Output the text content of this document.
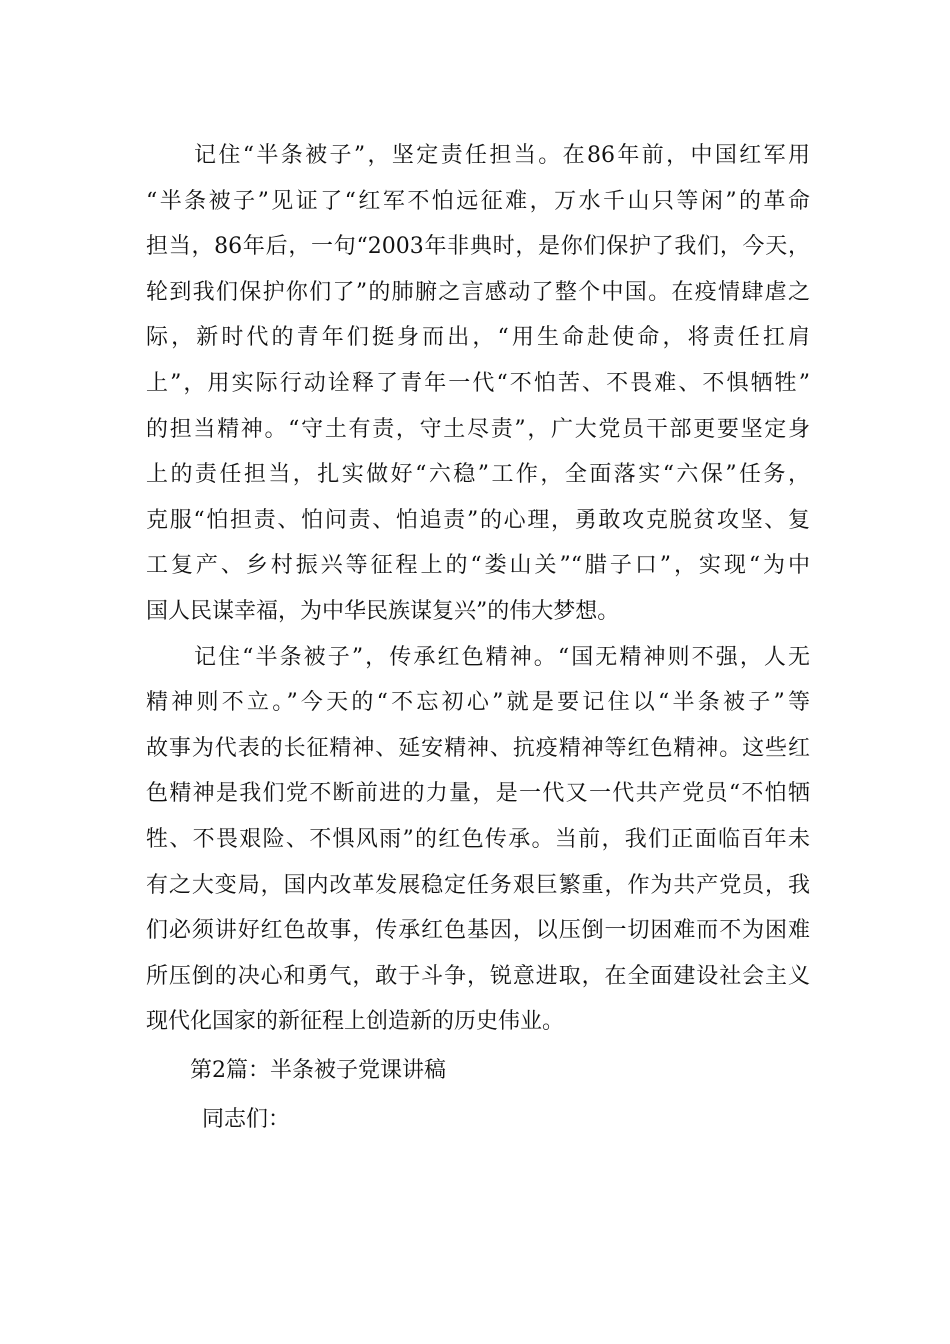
记住“半条被子”，坚定责任担当。在86年前，中国红军用
“半条被子”见证了“红军不怕远征难，万水千山只等闲”的革命
担当，86年后，一句“2003年非典时，是你们保护了我们，今天，
轮到我们保护你们了”的肺腑之言感动了整个中国。在疫情肆虐之
际，新时代的青年们挺身而出，“用生命赴使命，将责任扛肩
上”，用实际行动诠释了青年一代“不怕苦、不畏难、不惧牺牲”
的担当精神。“守土有责，守土尽责”，广大党员干部更要坚定身
上的责任担当，扎实做好“六稳”工作，全面落实“六保”任务，
克服“怕担责、怕问责、怕追责”的心理，勇敢攻克脱贫攻坚、复
工复产、乡村振兴等征程上的“娄山关”“腊子口”，实现“为中
国人民谋幸福，为中华民族谋复兴”的伟大梦想。
记住“半条被子”，传承红色精神。“国无精神则不强，人无
精神则不立。”今天的“不忘初心”就是要记住以“半条被子”等
故事为代表的长征精神、延安精神、抗疫精神等红色精神。这些红
色精神是我们党不断前进的力量，是一代又一代共产党员“不怕牺
牲、不畏艰险、不惧风雨”的红色传承。当前，我们正面临百年未
有之大变局，国内改革发展稳定任务艰巨繁重，作为共产党员，我
们必须讲好红色故事，传承红色基因，以压倒一切困难而不为困难
所压倒的决心和勇气，敢于斗争，锐意进取，在全面建设社会主义
现代化国家的新征程上创造新的历史伟业。
第2篇：半条被子党课讲稿
同志们：
